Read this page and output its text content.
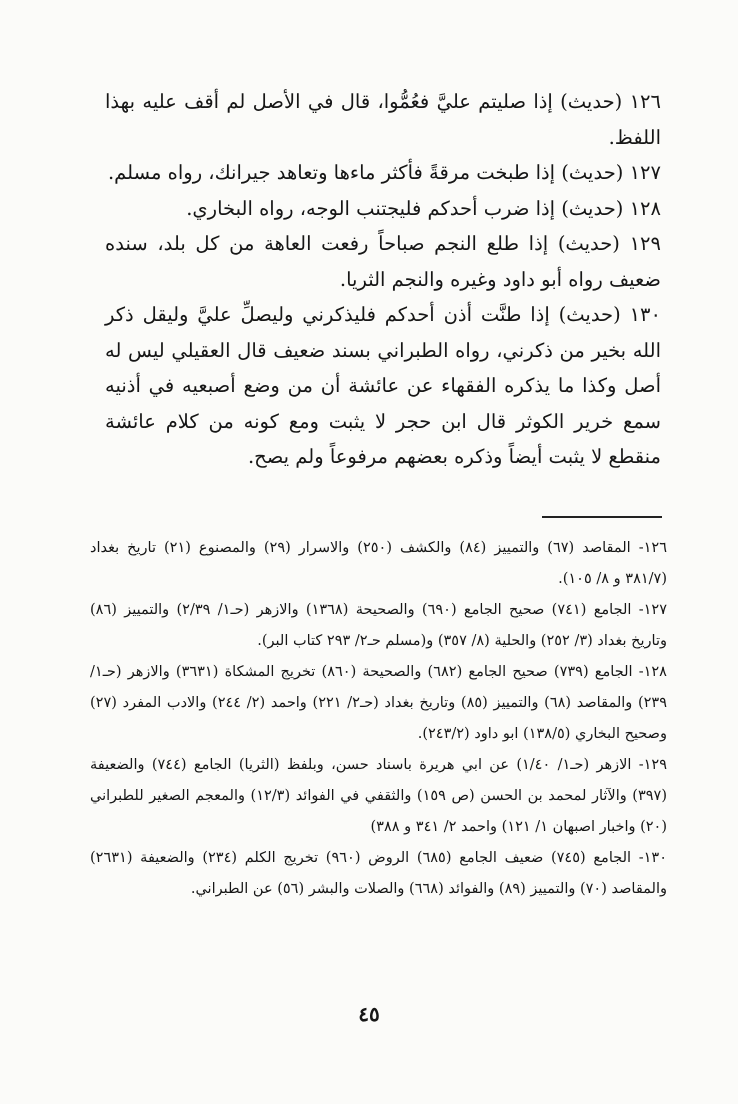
١٢٦ (حديث) إذا صليتم عليَّ فعُمُّوا، قال في الأصل لم أقف عليه بهذا اللفظ.

١٢٧ (حديث) إذا طبخت مرقةً فأكثر ماءها وتعاهد جيرانك، رواه مسلم.

١٢٨ (حديث) إذا ضرب أحدكم فليجتنب الوجه، رواه البخاري.

١٢٩ (حديث) إذا طلع النجم صباحاً رفعت العاهة من كل بلد، سنده ضعيف رواه أبو داود وغيره والنجم الثريا.

١٣٠ (حديث) إذا طنَّت أذن أحدكم فليذكرني وليصلِّ عليَّ وليقل ذكر الله بخير من ذكرني، رواه الطبراني بسند ضعيف قال العقيلي ليس له أصل وكذا ما يذكره الفقهاء عن عائشة أن من وضع أصبعيه في أذنيه سمع خرير الكوثر قال ابن حجر لا يثبت ومع كونه من كلام عائشة منقطع لا يثبت أيضاً وذكره بعضهم مرفوعاً ولم يصح.

١٢٦- المقاصد (٦٧) والتمييز (٨٤) والكشف (٢٥٠) والاسرار (٢٩) والمصنوع (٢١) تاريخ بغداد (٣٨١/٧ و ٨/ ١٠٥).

١٢٧- الجامع (٧٤١) صحيح الجامع (٦٩٠) والصحيحة (١٣٦٨) والازهر (حـ١/ ٢/٣٩) والتمييز (٨٦) وتاريخ بغداد (٣/ ٢٥٢) والحلية (٨/ ٣٥٧) و(مسلم حـ٢/ ٢٩٣ كتاب البر).

١٢٨- الجامع (٧٣٩) صحيح الجامع (٦٨٢) والصحيحة (٨٦٠) تخريج المشكاة (٣٦٣١) والازهر (حـ١/ ٢٣٩) والمقاصد (٦٨) والتمييز (٨٥) وتاريخ بغداد (حـ٢/ ٢٢١) واحمد (٢/ ٢٤٤) والادب المفرد (٢٧) وصحيح البخاري (١٣٨/٥) ابو داود (٢٤٣/٢).

١٢٩- الازهر (حـ١/ ١/٤٠) عن ابي هريرة باسناد حسن، وبلفظ (الثريا) الجامع (٧٤٤) والضعيفة (٣٩٧) والآثار لمحمد بن الحسن (ص ١٥٩) والثقفي في الفوائد (١٢/٣) والمعجم الصغير للطبراني (٢٠) واخبار اصبهان ١/ ١٢١) واحمد ٢/ ٣٤١ و ٣٨٨)

١٣٠- الجامع (٧٤٥) ضعيف الجامع (٦٨٥) الروض (٩٦٠) تخريج الكلم (٢٣٤) والضعيفة (٢٦٣١) والمقاصد (٧٠) والتمييز (٨٩) والفوائد (٦٦٨) والصلات والبشر (٥٦) عن الطبراني.

٤٥
